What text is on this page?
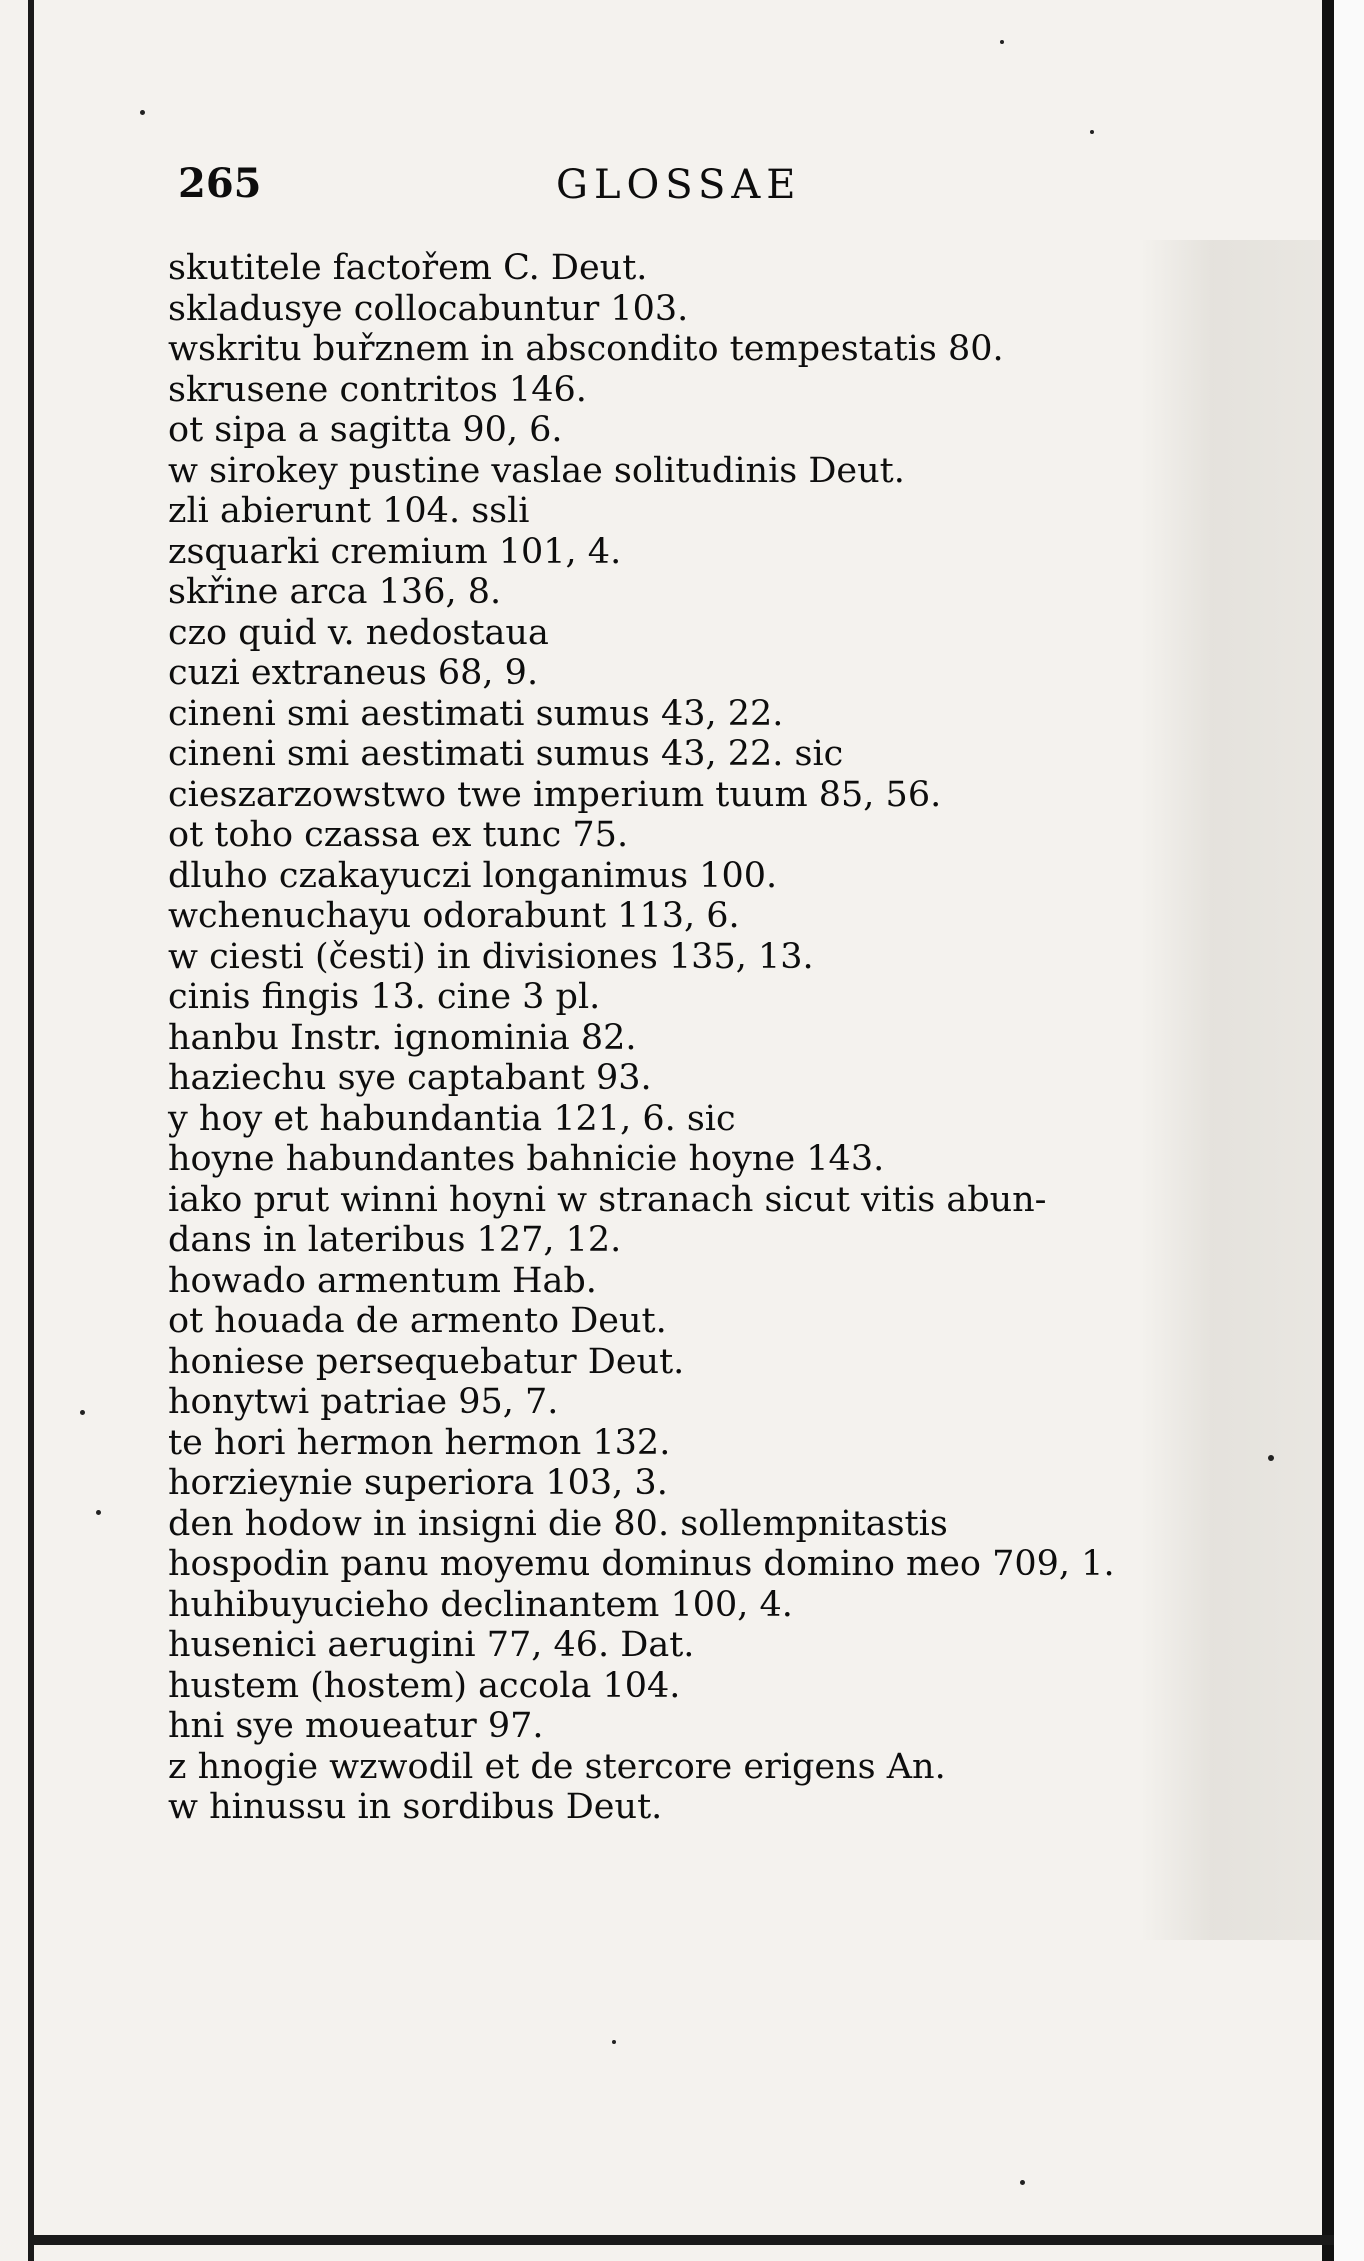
265	GLOSSAE
skutitele factořem C. Deut.
skladusye collocabuntur 103.
wskritu buřznem in abscondito tempestatis 80.
skrusene contritos 146.
ot sipa a sagitta 90, 6.
w sirokey pustine vaslae solitudinis Deut.
zli abierunt 104. ssli
zsquarki cremium 101, 4.
skřine arca 136, 8.
czo quid v. nedostaua
cuzi extraneus 68, 9.
cineni smi aestimati sumus 43, 22.
cineni smi aestimati sumus 43, 22. sic
cieszarzowstwo twe imperium tuum 85, 56.
ot toho czassa ex tunc 75.
dluho czakayuczi longanimus 100.
wchenuchayu odorabunt 113, 6.
w ciesti (česti) in divisiones 135, 13.
cinis fingis 13. cine 3 pl.
hanbu Instr. ignominia 82.
haziechu sye captabant 93.
y hoy et habundantia 121, 6. sic
hoyne habundantes bahnicie hoyne 143.
iako prut winni hoyni w stranach sicut vitis abun-
dans in lateribus 127, 12.
howado armentum Hab.
ot houada de armento Deut.
honiese persequebatur Deut.
honytwi patriae 95, 7.
te hori hermon hermon 132.
horzieynie superiora 103, 3.
den hodow in insigni die 80. sollempnitastis
hospodin panu moyemu dominus domino meo 709, 1.
huhibuyucieho declinantem 100, 4.
husenici aerugini 77, 46. Dat.
hustem (hostem) accola 104.
hni sye moueatur 97.
z hnogie wzwodil et de stercore erigens An.
w hinussu in sordibus Deut.
